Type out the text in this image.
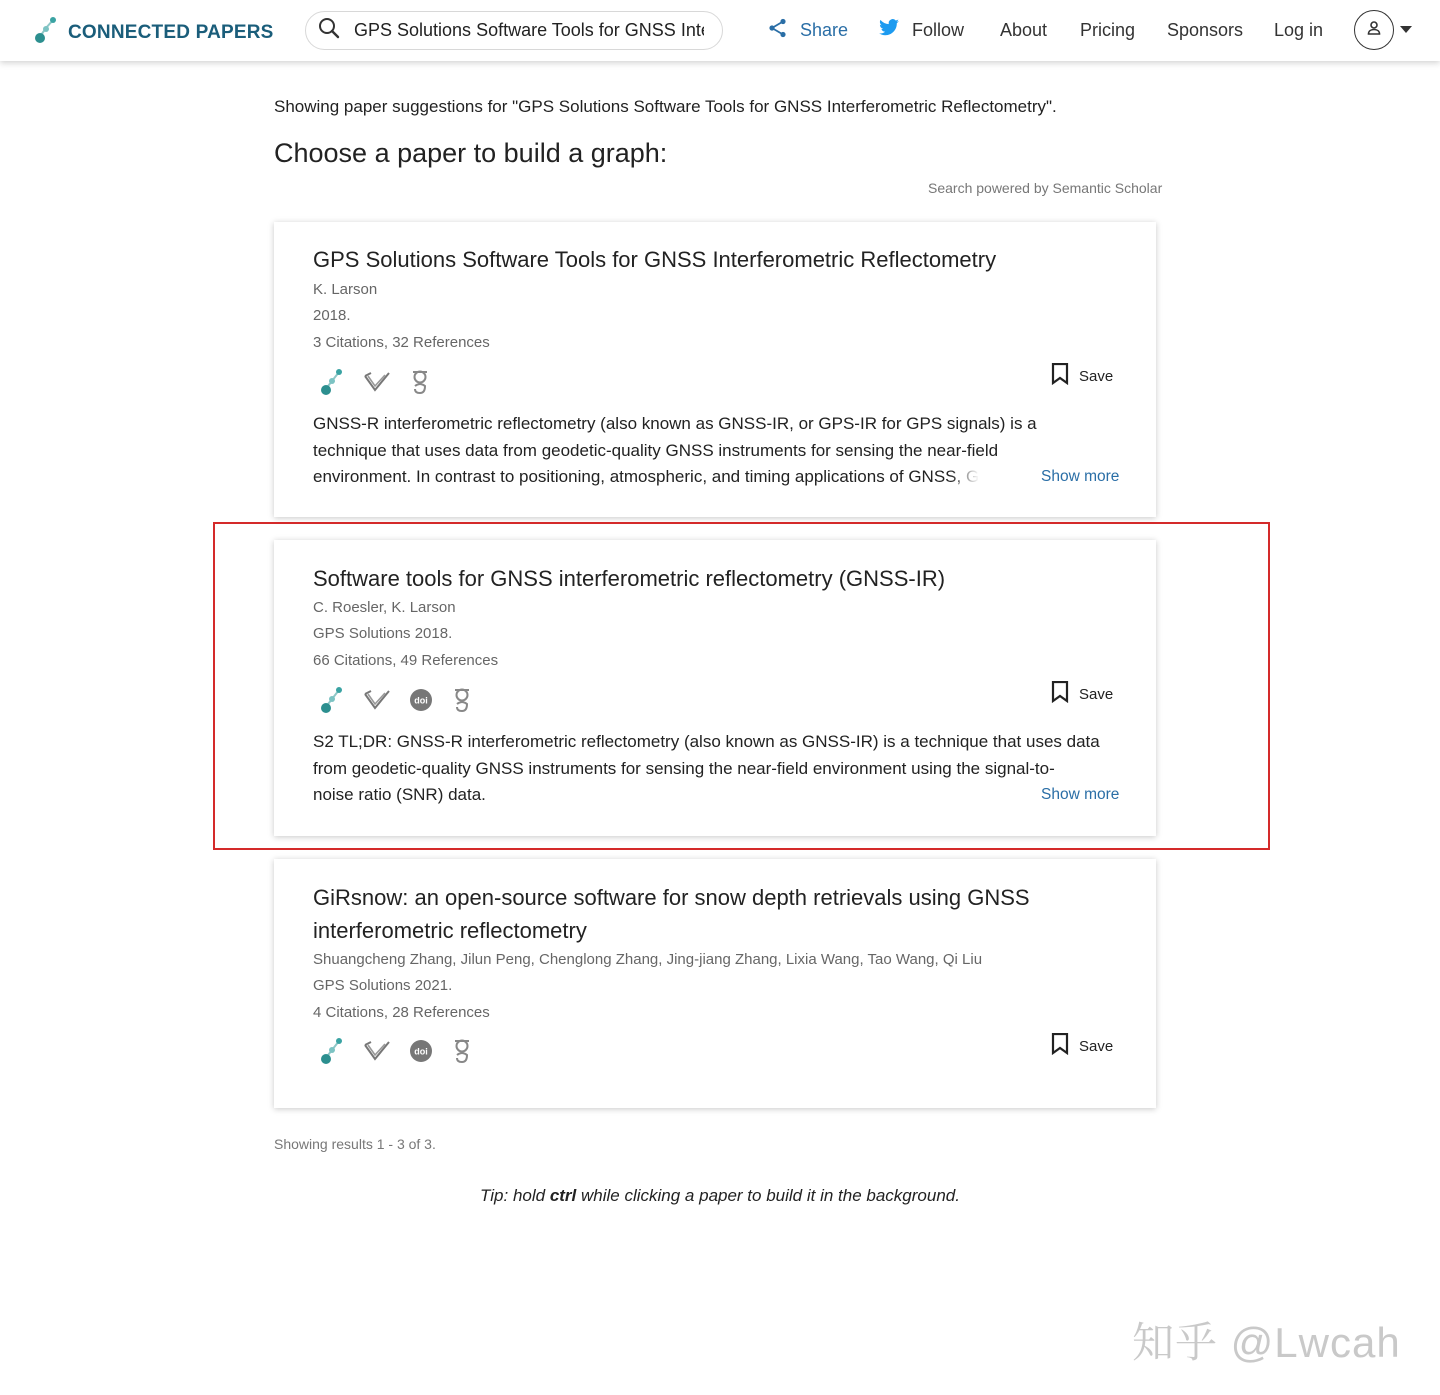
CONNECTED PAPERS
GPS Solutions Software Tools for GNSS Inte	Share	Follow About Pricing Sponsors Log in
Showing paper suggestions for "GPS Solutions Software Tools for GNSS Interferometric Reflectometry".
Choose a paper to build a graph:
Search powered by Semantic Scholar
GPS Solutions Software Tools for GNSS Interferometric Reflectometry
K. Larson
2018.
3 Citations, 32 References
Save
GNSS-R interferometric reflectometry (also known as GNSS-IR, or GPS-IR for GPS signals) is a
technique that uses data from geodetic-quality GNSS instruments for sensing the near-field
environment. In contrast to positioning, atmospheric, and timing applications of GNSS, G	Show more
Software tools for GNSS interferometric reflectometry (GNSS-IR)
C. Roesler, K. Larson
GPS Solutions 2018.
66 Citations, 49 References
doi	Save
S2 TL;DR: GNSS-R interferometric reflectometry (also known as GNSS-IR) is a technique that uses data
from geodetic-quality GNSS instruments for sensing the near-field environment using the signal-to-
noise ratio (SNR) data.	Show more
GiRsnow: an open-source software for snow depth retrievals using GNSS interferometric reflectometry
Shuangcheng Zhang, Jilun Peng, Chenglong Zhang, Jing-jiang Zhang, Lixia Wang, Tao Wang, Qi Liu
GPS Solutions 2021.
4 Citations, 28 References
doi	Save
Showing results 1 - 3 of 3.
Tip: hold ctrl while clicking a paper to build it in the background.
知乎 @Lwcah
